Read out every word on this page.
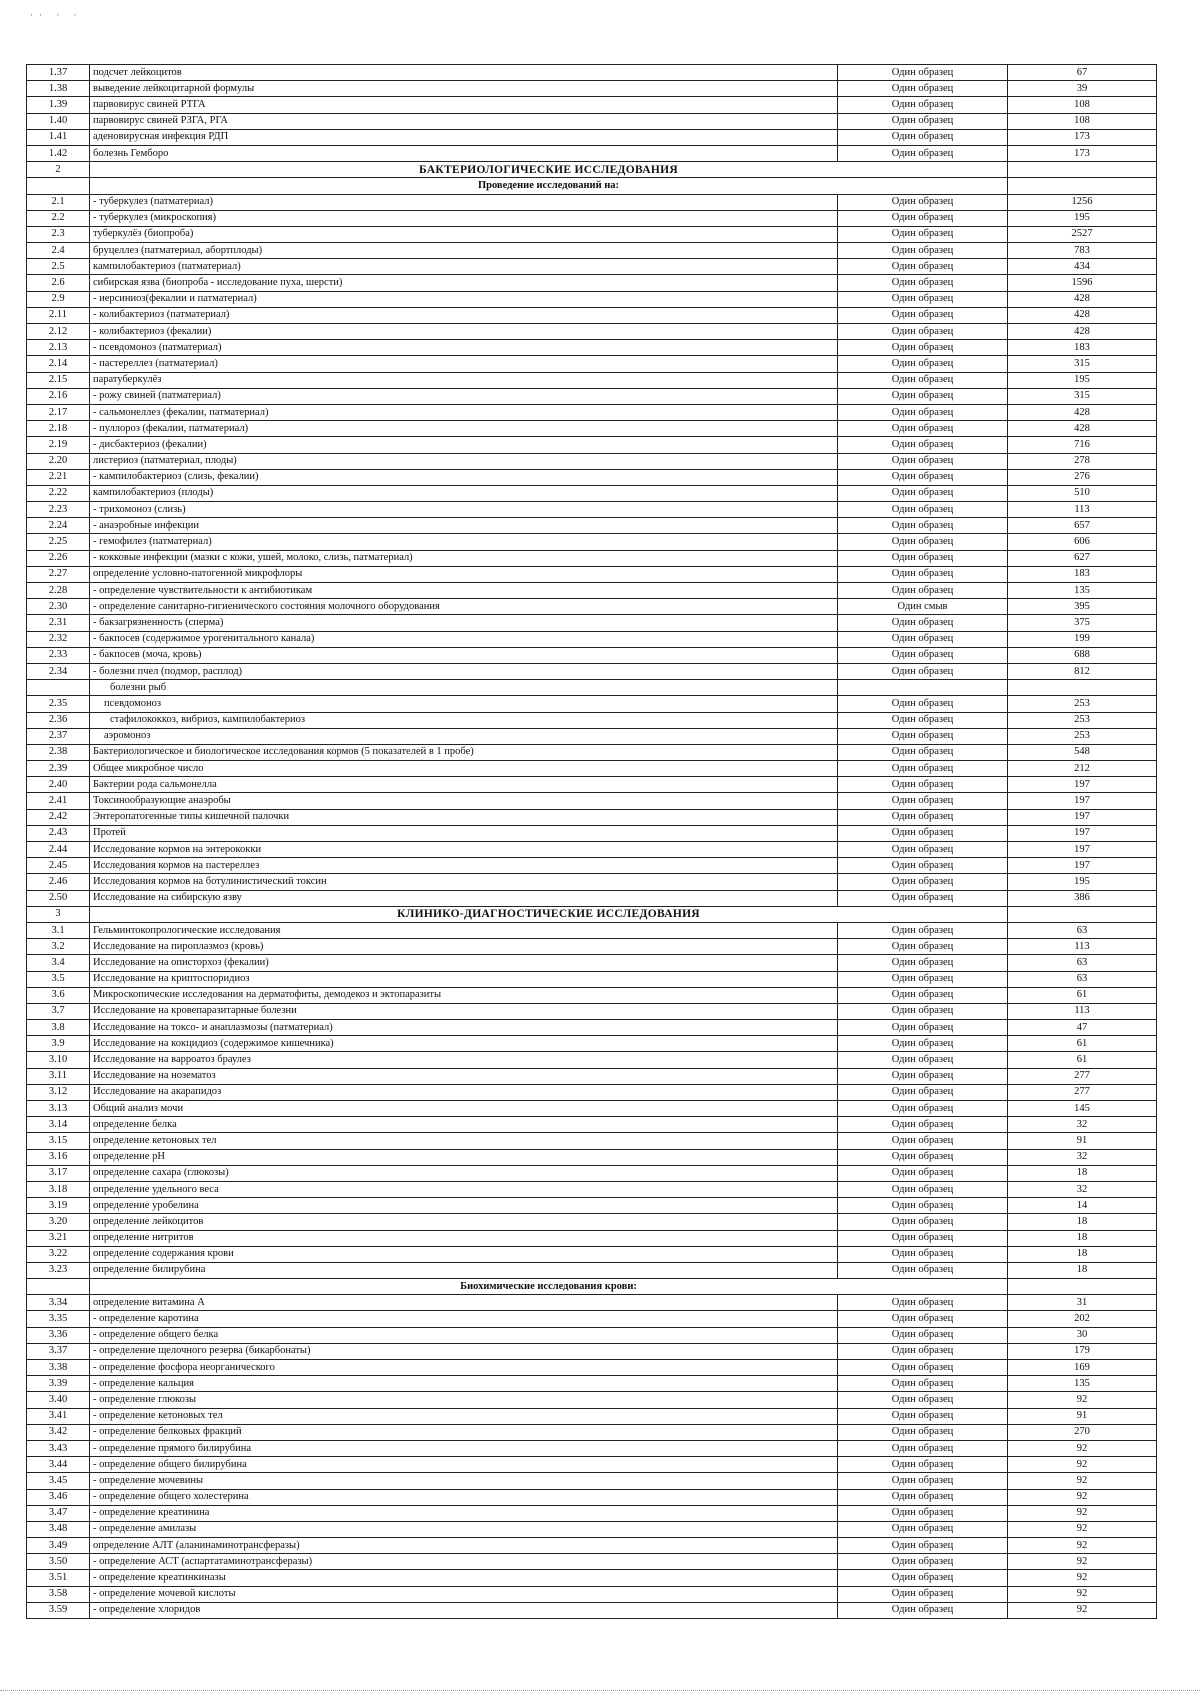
·· · ·
1.37	подсчет лейкоцитов	Один образец	67
1.38	выведение лейкоцитарной формулы	Один образец	39
1.39	парвовирус свиней РТГА	Один образец	108
1.40	парвовирус свиней РЗГА, РГА	Один образец	108
1.41	аденовирусная инфекция РДП	Один образец	173
1.42	болезнь Гемборо	Один образец	173
2	БАКТЕРИОЛОГИЧЕСКИЕ ИССЛЕДОВАНИЯ		
	Проведение исследований на:		
2.1	- туберкулез (патматериал)	Один образец	1256
2.2	- туберкулез (микроскопия)	Один образец	195
2.3	туберкулёз (биопроба)	Один образец	2527
2.4	бруцеллез (патматериал, абортплоды)	Один образец	783
2.5	кампилобактериоз (патматериал)	Один образец	434
2.6	сибирская язва (биопроба - исследование пуха, шерсти)	Один образец	1596
2.9	- иерсиниоз(фекалии и патматериал)	Один образец	428
2.11	- колибактериоз (патматериал)	Один образец	428
2.12	- колибактериоз (фекалии)	Один образец	428
2.13	- псевдомоноз (патматериал)	Один образец	183
2.14	- пастереллез (патматериал)	Один образец	315
2.15	паратуберкулёз	Один образец	195
2.16	- рожу свиней (патматериал)	Один образец	315
2.17	- сальмонеллез (фекалии, патматериал)	Один образец	428
2.18	- пуллороз (фекалии, патматериал)	Один образец	428
2.19	- дисбактериоз (фекалии)	Один образец	716
2.20	листериоз (патматериал, плоды)	Один образец	278
2.21	- кампилобактериоз (слизь, фекалии)	Один образец	276
2.22	кампилобактериоз (плоды)	Один образец	510
2.23	- трихомоноз (слизь)	Один образец	113
2.24	- анаэробные инфекции	Один образец	657
2.25	- гемофилез (патматериал)	Один образец	606
2.26	- кокковые инфекции (мазки с кожи, ушей, молоко, слизь, патматериал)	Один образец	627
2.27	определение условно-патогенной микрофлоры	Один образец	183
2.28	- определение чувствительности к антибиотикам	Один образец	135
2.30	- определение санитарно-гигиенического состояния молочного оборудования	Один смыв	395
2.31	- бакзагрязненность (сперма)	Один образец	375
2.32	- бакпосев (содержимое урогенитального канала)	Один образец	199
2.33	- бакпосев (моча, кровь)	Один образец	688
2.34	- болезни пчел (подмор, расплод)	Один образец	812
	болезни рыб		
2.35	псевдомоноз	Один образец	253
2.36	стафилококкоз, вибриоз, кампилобактериоз	Один образец	253
2.37	аэромоноз	Один образец	253
2.38	Бактериологическое и биологическое исследования кормов (5 показателей в 1 пробе)	Один образец	548
2.39	Общее микробное число	Один образец	212
2.40	Бактерии рода сальмонелла	Один образец	197
2.41	Токсинообразующие анаэробы	Один образец	197
2.42	Энтеропатогенные типы кишечной палочки	Один образец	197
2.43	Протей	Один образец	197
2.44	Исследование кормов на энтерококки	Один образец	197
2.45	Исследования кормов на пастереллез	Один образец	197
2.46	Исследования кормов на ботулинистический токсин	Один образец	195
2.50	Исследование на сибирскую язву	Один образец	386
3	КЛИНИКО-ДИАГНОСТИЧЕСКИЕ ИССЛЕДОВАНИЯ		
3.1	Гельминтокопрологические исследования	Один образец	63
3.2	Исследование на пироплазмоз (кровь)	Один образец	113
3.4	Исследование на описторхоз (фекалии)	Один образец	63
3.5	Исследование на криптоспоридиоз	Один образец	63
3.6	Микроскопические исследования на дерматофиты, демодекоз и эктопаразиты	Один образец	61
3.7	Исследование на кровепаразитарные болезни	Один образец	113
3.8	Исследование на токсо- и анаплазмозы (патматериал)	Один образец	47
3.9	Исследование на кокцидиоз (содержимое кишечника)	Один образец	61
3.10	Исследование на варроатоз браулез	Один образец	61
3.11	Исследование на нозематоз	Один образец	277
3.12	Исследование на акарапидоз	Один образец	277
3.13	Общий анализ мочи	Один образец	145
3.14	определение белка	Один образец	32
3.15	определение кетоновых тел	Один образец	91
3.16	определение pH	Один образец	32
3.17	определение сахара (глюкозы)	Один образец	18
3.18	определение удельного веса	Один образец	32
3.19	определение уробелина	Один образец	14
3.20	определение лейкоцитов	Один образец	18
3.21	определение нитритов	Один образец	18
3.22	определение содержания крови	Один образец	18
3.23	определение билирубина	Один образец	18
	Биохимические исследования крови:		
3.34	определение витамина А	Один образец	31
3.35	- определение каротина	Один образец	202
3.36	- определение общего белка	Один образец	30
3.37	- определение щелочного резерва (бикарбонаты)	Один образец	179
3.38	- определение фосфора неорганического	Один образец	169
3.39	- определение кальция	Один образец	135
3.40	- определение глюкозы	Один образец	92
3.41	- определение кетоновых тел	Один образец	91
3.42	- определение белковых фракций	Один образец	270
3.43	- определение прямого билирубина	Один образец	92
3.44	- определение общего билирубина	Один образец	92
3.45	- определение мочевины	Один образец	92
3.46	- определение общего холестерина	Один образец	92
3.47	- определение креатинина	Один образец	92
3.48	- определение амилазы	Один образец	92
3.49	определение АЛТ (аланинаминотрансферазы)	Один образец	92
3.50	- определение АСТ (аспартатаминотрансферазы)	Один образец	92
3.51	- определение креатинкиназы	Один образец	92
3.58	- определение мочевой кислоты	Один образец	92
3.59	- определение хлоридов	Один образец	92
